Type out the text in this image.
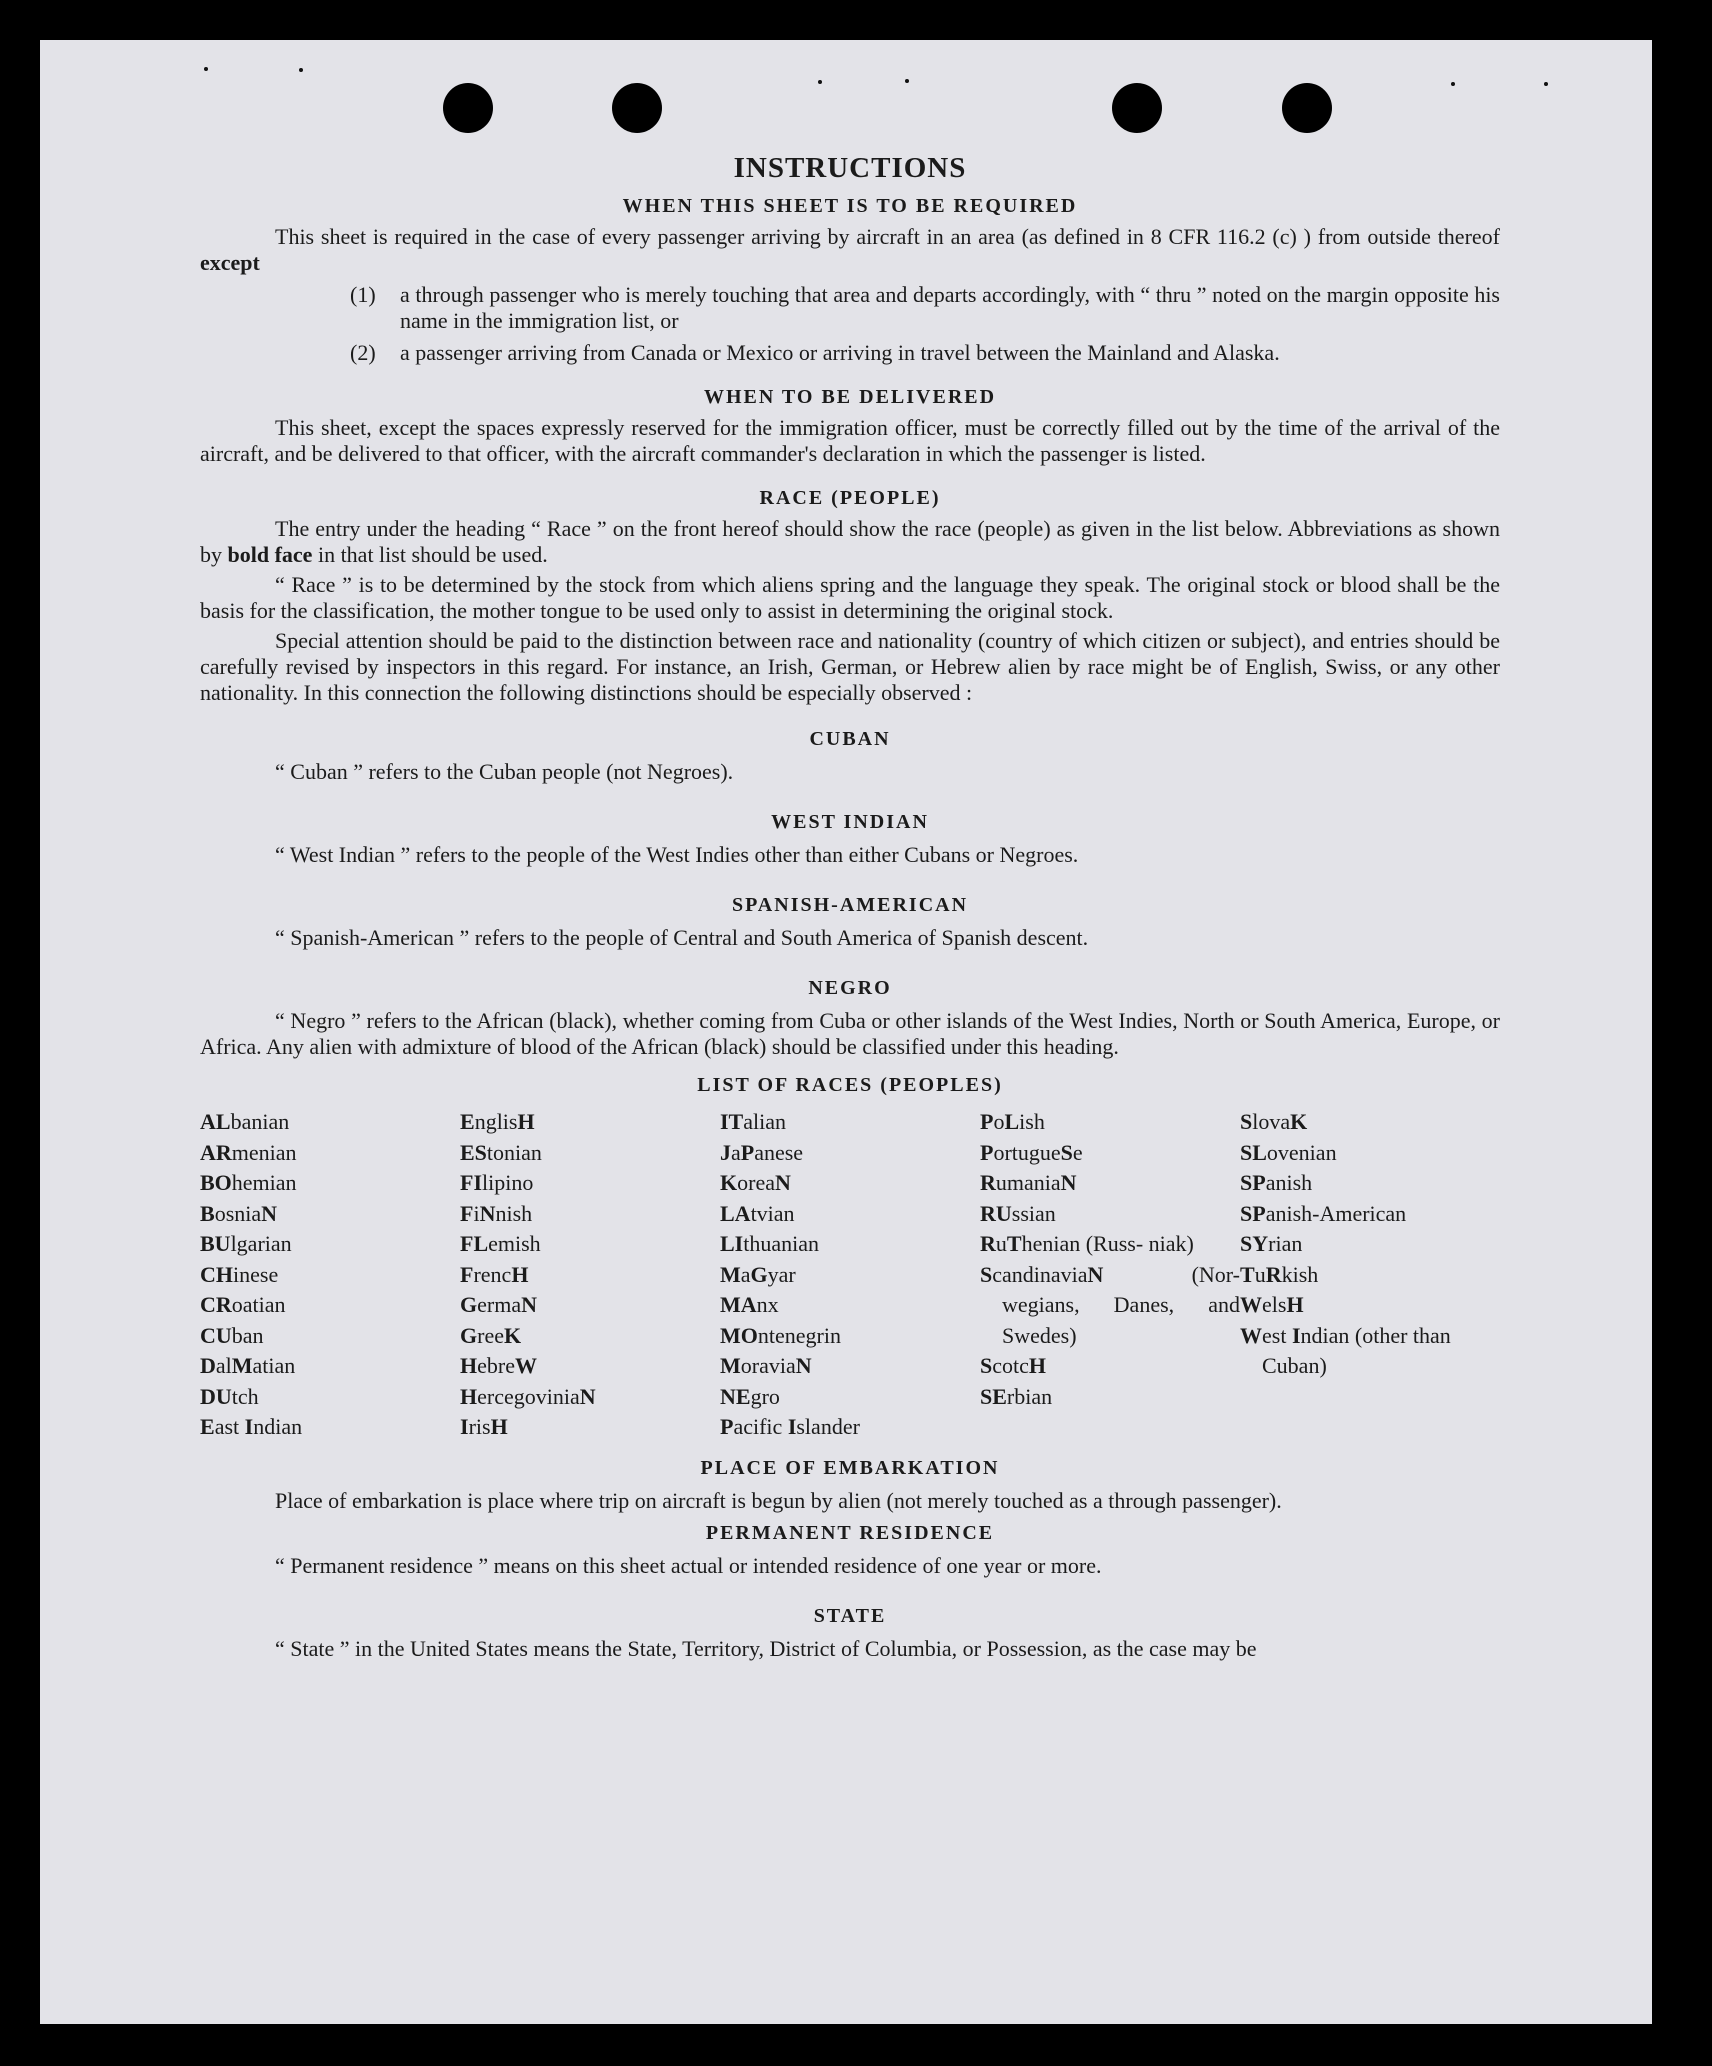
INSTRUCTIONS
WHEN THIS SHEET IS TO BE REQUIRED

This sheet is required in the case of every passenger arriving by aircraft in an area (as defined in 8 CFR 116.2 (c) ) from outside thereof except

(1) a through passenger who is merely touching that area and departs accordingly, with “ thru ” noted on the margin opposite his name in the immigration list, or
(2) a passenger arriving from Canada or Mexico or arriving in travel between the Mainland and Alaska.
WHEN TO BE DELIVERED

This sheet, except the spaces expressly reserved for the immigration officer, must be correctly filled out by the time of the arrival of the aircraft, and be delivered to that officer, with the aircraft commander's declaration in which the passenger is listed.

RACE (PEOPLE)

The entry under the heading “ Race ” on the front hereof should show the race (people) as given in the list below. Abbreviations as shown by bold face in that list should be used.

“ Race ” is to be determined by the stock from which aliens spring and the language they speak. The original stock or blood shall be the basis for the classification, the mother tongue to be used only to assist in determining the original stock.

Special attention should be paid to the distinction between race and nationality (country of which citizen or subject), and entries should be carefully revised by inspectors in this regard. For instance, an Irish, German, or Hebrew alien by race might be of English, Swiss, or any other nationality. In this connection the following distinctions should be especially observed :

CUBAN

“ Cuban ” refers to the Cuban people (not Negroes).

WEST INDIAN

“ West Indian ” refers to the people of the West Indies other than either Cubans or Negroes.

SPANISH-AMERICAN

“ Spanish-American ” refers to the people of Central and South America of Spanish descent.

NEGRO

“ Negro ” refers to the African (black), whether coming from Cuba or other islands of the West Indies, North or South America, Europe, or Africa. Any alien with admixture of blood of the African (black) should be classified under this heading.

LIST OF RACES (PEOPLES)
ALbanian
ARmenian
BOhemian
BosniaN
BUlgarian
CHinese
CRoatian
CUban
DalMatian
DUtch
East Indian
EnglisH
EStonian
FIlipino
FiNnish
FLemish
FrencH
GermaN
GreeK
HebreW
HercegoviniaN
IrisH
ITalian
JaPanese
KoreaN
LAtvian
LIthuanian
MaGyar
MAnx
MOntenegrin
MoraviaN
NEgro
Pacific Islander
PoLish
PortugueSe
RumaniaN
RUssian
RuThenian (Russ- niak)
ScandinaviaN (Nor- wegians, Danes, and Swedes)
ScotcH
SErbian
SlovaK
SLovenian
SPanish
SPanish-American
SYrian
TuRkish
WelsH
West Indian (other than Cuban)
PLACE OF EMBARKATION

Place of embarkation is place where trip on aircraft is begun by alien (not merely touched as a through passenger).

PERMANENT RESIDENCE

“ Permanent residence ” means on this sheet actual or intended residence of one year or more.

STATE

“ State ” in the United States means the State, Territory, District of Columbia, or Possession, as the case may be
